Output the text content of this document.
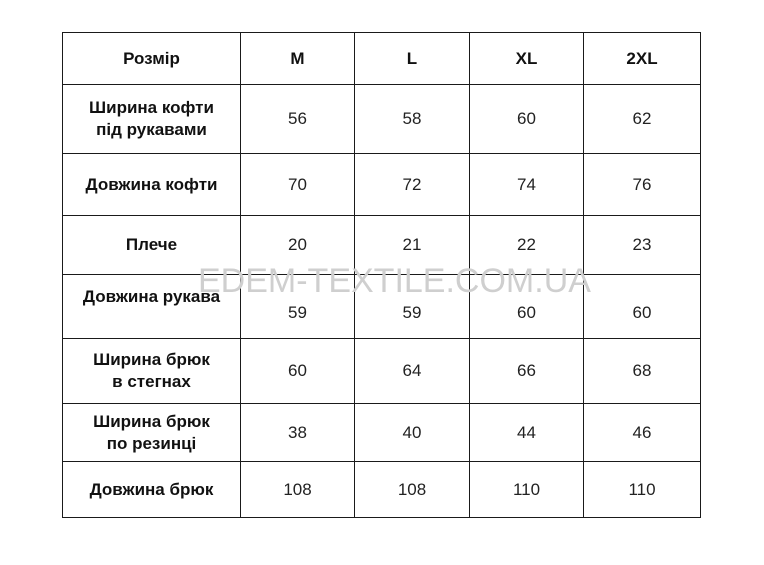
EDEM-TEXTILE.COM.UA
Розмір	M	L	XL	2XL
Ширина кофти
під рукавами	56	58	60	62
Довжина кофти	70	72	74	76
Плече	20	21	22	23
Довжина рукава	59	59	60	60
Ширина брюк
в стегнах	60	64	66	68
Ширина брюк
по резинці	38	40	44	46
Довжина брюк	108	108	110	110
